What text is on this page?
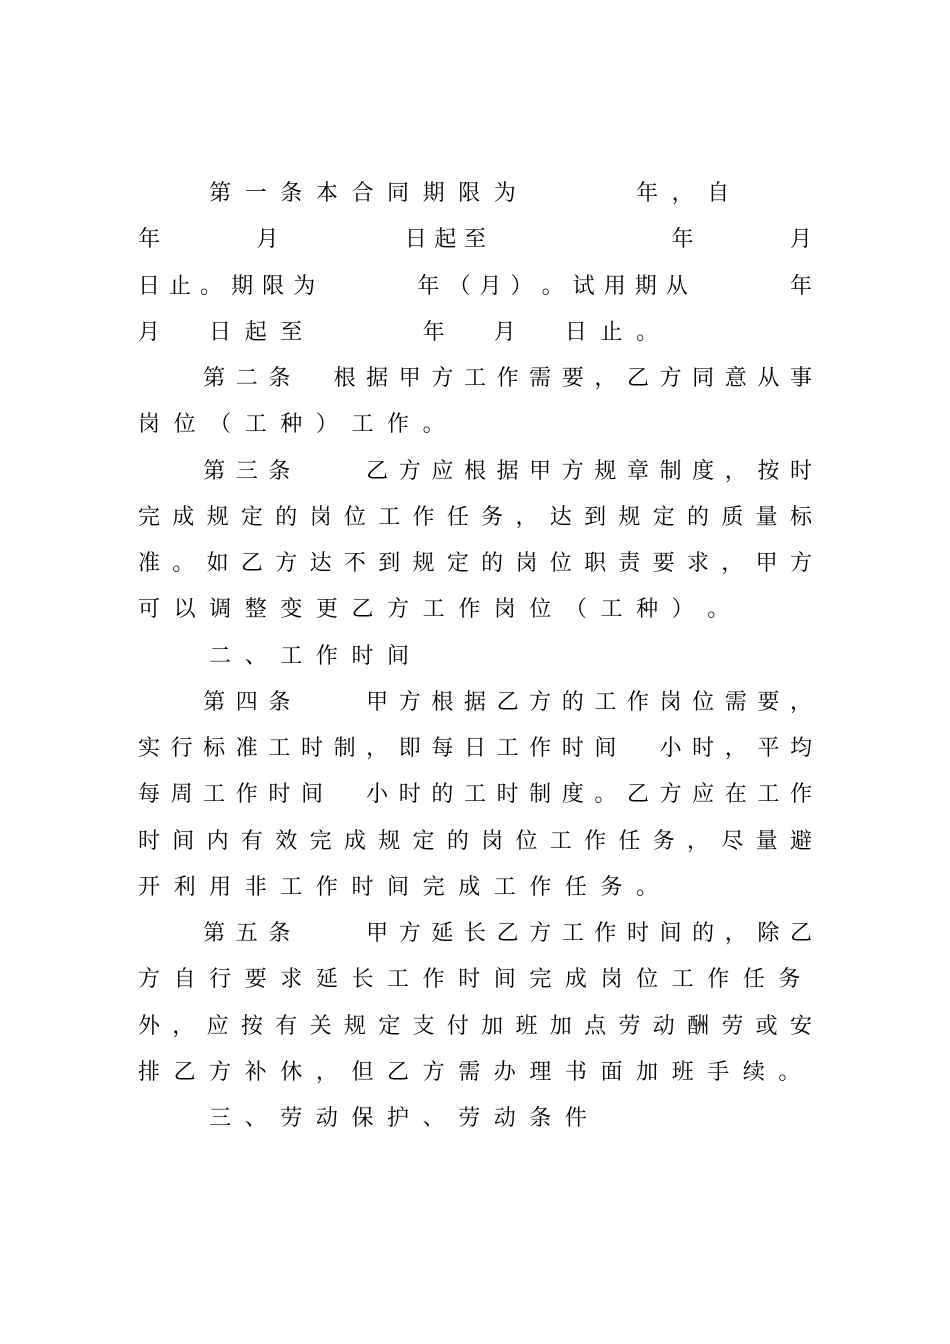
第 一 条 本 合 同 期 限 为

　	年 ， 自
年

　	月

　	日 起 至

　	年

　	月
日 止 。 期 限 为

　	年 （ 月 ） 。 试 用 期 从

　	年
月
　 日 起 至

　	年
　 月
　 日 止 。
第 二 条
　 根 据 甲 方 工 作 需 要 ， 乙 方 同 意 从 事
岗 位 （ 工 种 ） 工 作 。
第 三 条

　	乙 方 应 根 据 甲 方 规 章 制 度 ， 按 时
完 成 规 定 的 岗 位 工 作 任 务 ， 达 到 规 定 的 质 量 标
准 。 如 乙 方 达 不 到 规 定 的 岗 位 职 责 要 求 ， 甲 方
可 以 调 整 变 更 乙 方 工 作 岗 位 （ 工 种 ） 。
二 、 工 作 时 间
第 四 条

　	甲 方 根 据 乙 方 的 工 作 岗 位 需 要 ，
实 行 标 准 工 时 制 ， 即 每 日 工 作 时 间
　 小 时 ， 平 均
每 周 工 作 时 间
　 小 时 的 工 时 制 度 。 乙 方 应 在 工 作
时 间 内 有 效 完 成 规 定 的 岗 位 工 作 任 务 ， 尽 量 避
开 利 用 非 工 作 时 间 完 成 工 作 任 务 。
第 五 条

　	甲 方 延 长 乙 方 工 作 时 间 的 ， 除 乙
方 自 行 要 求 延 长 工 作 时 间 完 成 岗 位 工 作 任 务
外 ， 应 按 有 关 规 定 支 付 加 班 加 点 劳 动 酬 劳 或 安
排 乙 方 补 休 ， 但 乙 方 需 办 理 书 面 加 班 手 续 。
三 、 劳 动 保 护 、 劳 动 条 件
